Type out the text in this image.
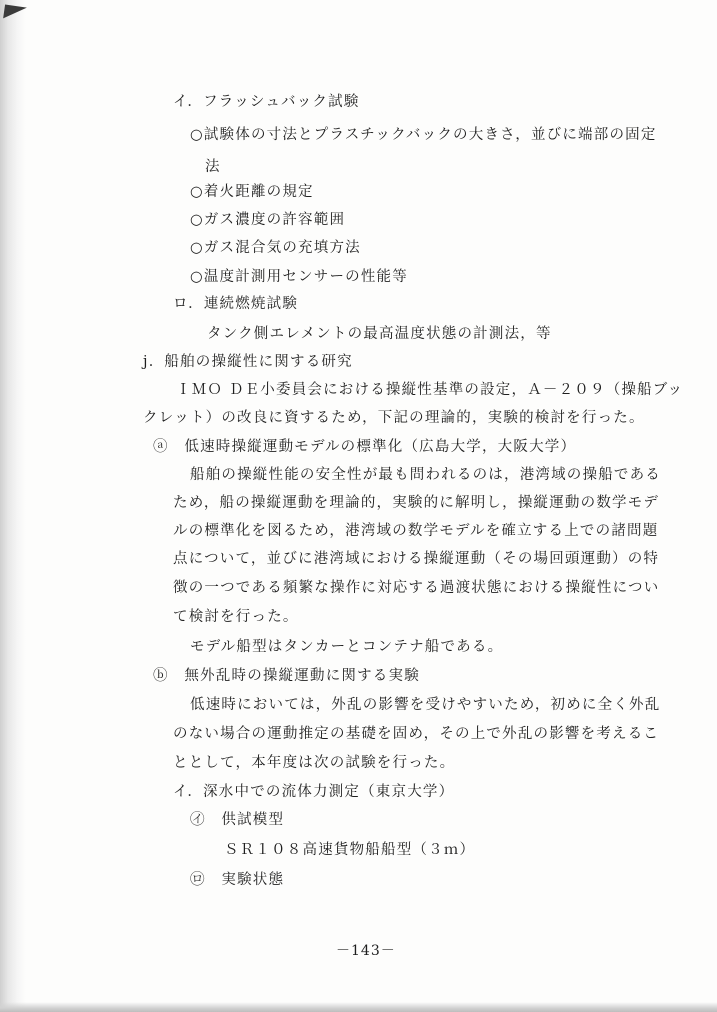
イ．フラッシュバック試験
○試験体の寸法とプラスチックバックの大きさ，並びに端部の固定
法
○着火距離の規定
○ガス濃度の許容範囲
○ガス混合気の充填方法
○温度計測用センサーの性能等
ロ．連続燃焼試験
タンク側エレメントの最高温度状態の計測法，等
j．船舶の操縦性に関する研究
ＩＭＯ ＤＥ小委員会における操縦性基準の設定，Ａ－２０９（操船ブッ
クレット）の改良に資するため，下記の理論的，実験的検討を行った。
ⓐ　低速時操縦運動モデルの標準化（広島大学，大阪大学）
船舶の操縦性能の安全性が最も問われるのは，港湾域の操船である
ため，船の操縦運動を理論的，実験的に解明し，操縦運動の数学モデ
ルの標準化を図るため，港湾域の数学モデルを確立する上での諸問題
点について，並びに港湾域における操縦運動（その場回頭運動）の特
徴の一つである頻繁な操作に対応する過渡状態における操縦性につい
て検討を行った。
モデル船型はタンカーとコンテナ船である。
ⓑ　無外乱時の操縦運動に関する実験
低速時においては，外乱の影響を受けやすいため，初めに全く外乱
のない場合の運動推定の基礎を固め，その上で外乱の影響を考えるこ
ととして，本年度は次の試験を行った。
イ．深水中での流体力測定（東京大学）
㋑　供試模型
ＳＲ１０８高速貨物船船型（３ｍ）
㋺　実験状態
－143－
